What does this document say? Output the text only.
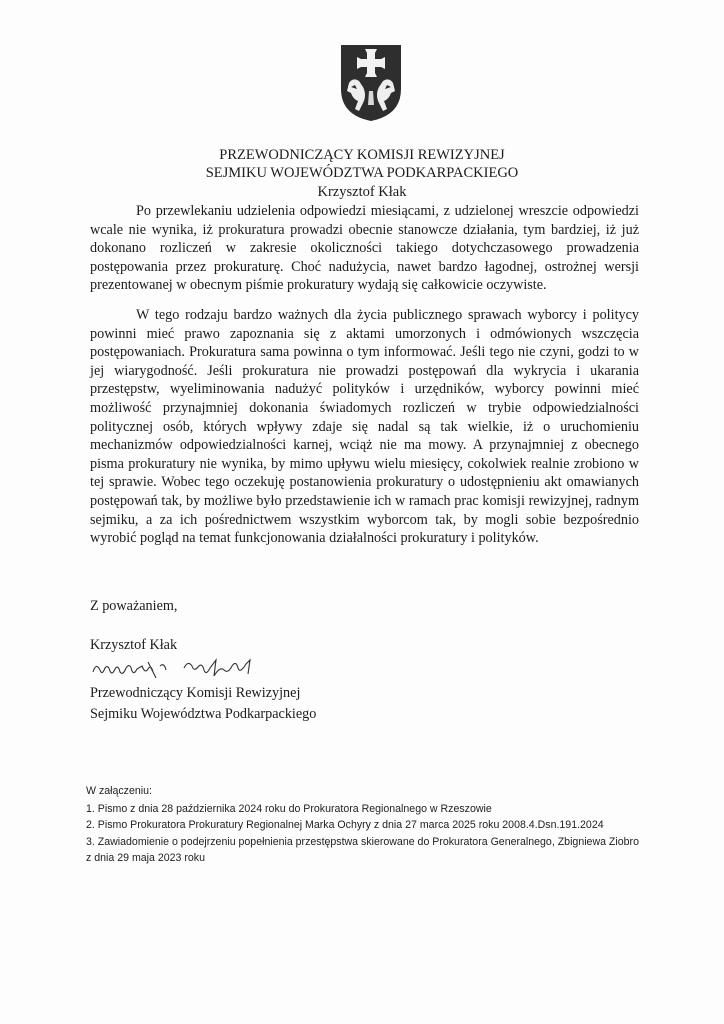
PRZEWODNICZĄCY KOMISJI REWIZYJNEJ
SEJMIKU WOJEWÓDZTWA PODKARPACKIEGO
Krzysztof Kłak

Po przewlekaniu udzielenia odpowiedzi miesiącami, z udzielonej wreszcie odpowiedzi wcale nie wynika, iż prokuratura prowadzi obecnie stanowcze działania, tym bardziej, iż już dokonano rozliczeń w zakresie okoliczności takiego dotychczasowego prowadzenia postępowania przez prokuraturę. Choć nadużycia, nawet bardzo łagodnej, ostrożnej wersji prezentowanej w obecnym piśmie prokuratury wydają się całkowicie oczywiste.

W tego rodzaju bardzo ważnych dla życia publicznego sprawach wyborcy i politycy powinni mieć prawo zapoznania się z aktami umorzonych i odmówionych wszczęcia postępowaniach. Prokuratura sama powinna o tym informować. Jeśli tego nie czyni, godzi to w jej wiarygodność. Jeśli prokuratura nie prowadzi postępowań dla wykrycia i ukarania przestępstw, wyeliminowania nadużyć polityków i urzędników, wyborcy powinni mieć możliwość przynajmniej dokonania świadomych rozliczeń w trybie odpowiedzialności politycznej osób, których wpływy zdaje się nadal są tak wielkie, iż o uruchomieniu mechanizmów odpowiedzialności karnej, wciąż nie ma mowy. A przynajmniej z obecnego pisma prokuratury nie wynika, by mimo upływu wielu miesięcy, cokolwiek realnie zrobiono w tej sprawie. Wobec tego oczekuję postanowienia prokuratury o udostępnieniu akt omawianych postępowań tak, by możliwe było przedstawienie ich w ramach prac komisji rewizyjnej, radnym sejmiku, a za ich pośrednictwem wszystkim wyborcom tak, by mogli sobie bezpośrednio wyrobić pogląd na temat funkcjonowania działalności prokuratury i polityków.

Z poważaniem,
Krzysztof Kłak
Przewodniczący Komisji Rewizyjnej
Sejmiku Województwa Podkarpackiego
W załączeniu:
1. Pismo z dnia 28 października 2024 roku do Prokuratora Regionalnego w Rzeszowie
2. Pismo Prokuratora Prokuratury Regionalnej Marka Ochyry z dnia 27 marca 2025 roku 2008.4.Dsn.191.2024
3. Zawiadomienie o podejrzeniu popełnienia przestępstwa skierowane do Prokuratora Generalnego, Zbigniewa Ziobro z dnia 29 maja 2023 roku
